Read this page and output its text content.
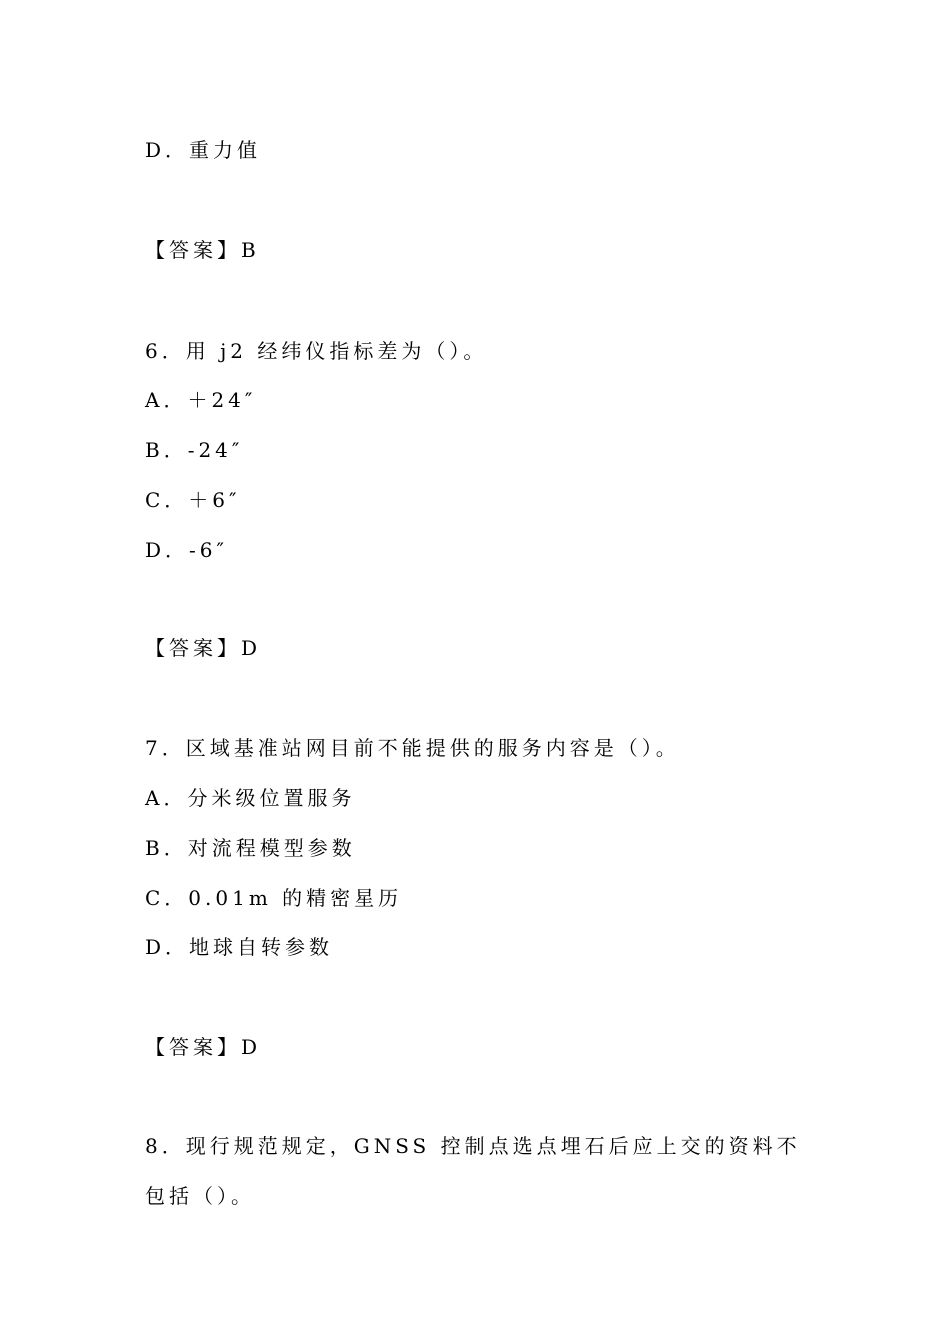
D．重力值
【答案】B
6．用 j2 经纬仪指标差为（）。
A．＋24″
B．-24″
C．＋6″
D．-6″
【答案】D
7．区域基准站网目前不能提供的服务内容是（）。
A．分米级位置服务
B．对流程模型参数
C．0.01m 的精密星历
D．地球自转参数
【答案】D
8．现行规范规定，GNSS 控制点选点埋石后应上交的资料不
包括（）。
